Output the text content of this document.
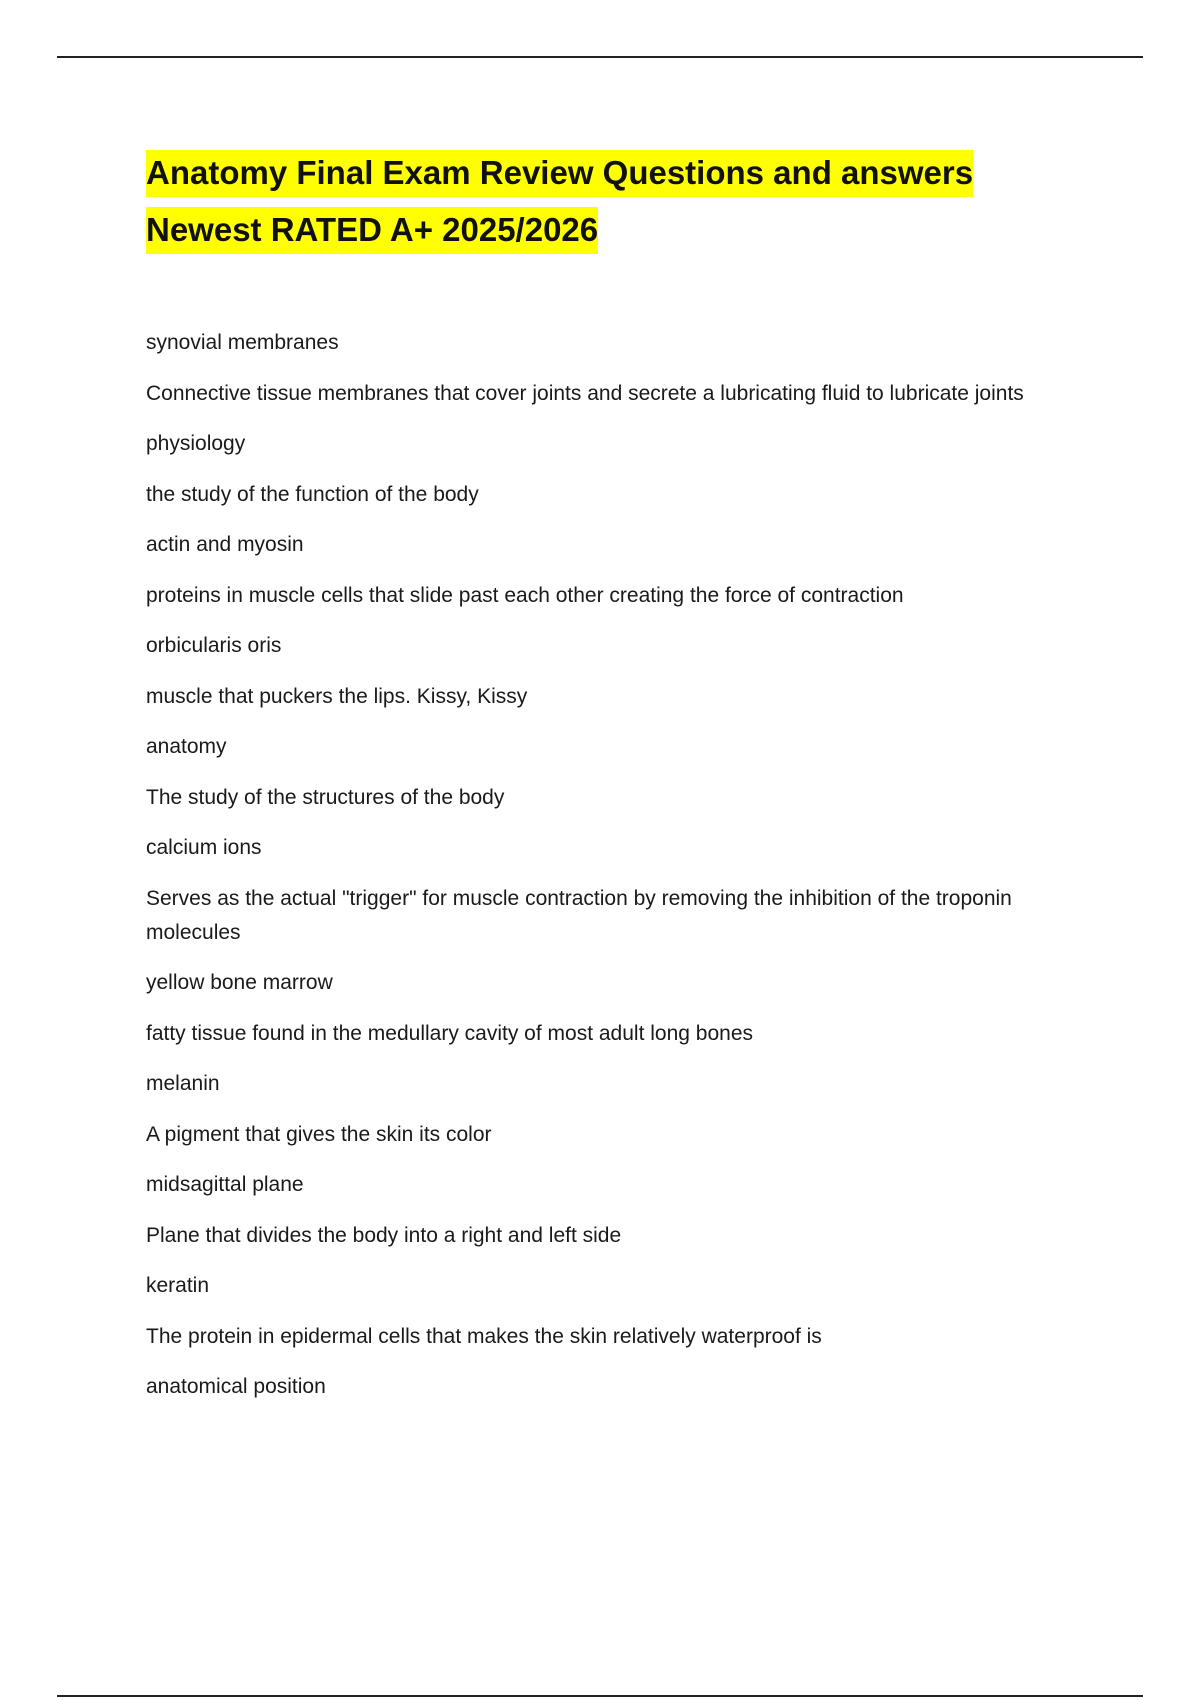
Anatomy Final Exam Review Questions and answers
Newest RATED A+ 2025/2026
synovial membranes
Connective tissue membranes that cover joints and secrete a lubricating fluid to lubricate joints
physiology
the study of the function of the body
actin and myosin
proteins in muscle cells that slide past each other creating the force of contraction
orbicularis oris
muscle that puckers the lips. Kissy, Kissy
anatomy
The study of the structures of the body
calcium ions
Serves as the actual "trigger" for muscle contraction by removing the inhibition of the troponin molecules
yellow bone marrow
fatty tissue found in the medullary cavity of most adult long bones
melanin
A pigment that gives the skin its color
midsagittal plane
Plane that divides the body into a right and left side
keratin
The protein in epidermal cells that makes the skin relatively waterproof is
anatomical position
